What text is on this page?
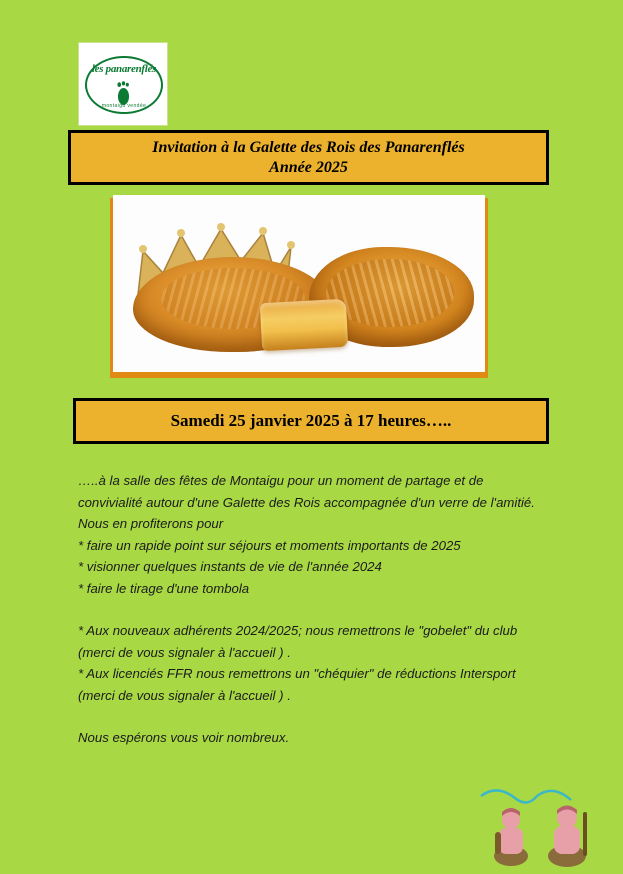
les panarenflés
montaigu vendée
Invitation à la Galette des Rois des Panarenflés
Année 2025
Samedi 25 janvier 2025 à 17 heures…..

…..à la salle des fêtes de Montaigu pour un moment de partage et de convivialité autour d'une Galette des Rois accompagnée d'un verre de l'amitié.

Nous en profiterons pour

* faire un rapide point sur séjours et moments importants de 2025

* visionner quelques instants de vie de l'année 2024

* faire le tirage d'une tombola

* Aux nouveaux adhérents 2024/2025; nous remettrons le "gobelet" du club (merci de vous signaler à l'accueil ) .

* Aux licenciés FFR nous remettrons un "chéquier" de réductions Intersport (merci de vous signaler à l'accueil ) .

Nous espérons vous voir nombreux.
